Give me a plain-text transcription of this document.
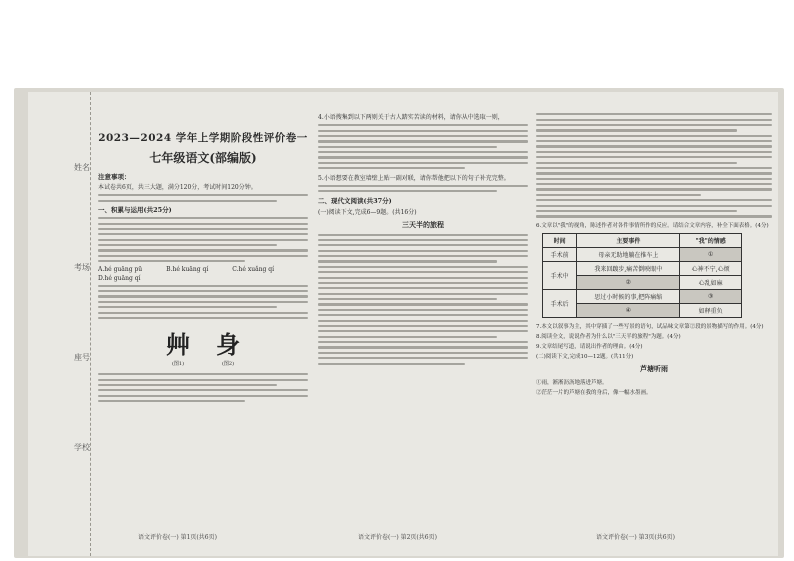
姓名
考场
座号
学校
2023—2024 学年上学期阶段性评价卷一
七年级语文(部编版)
注意事项：
本试卷共6页，共三大题，满分120分，考试时间120分钟。
一、积累与运用(共25分)
A.hé guāng pū	B.hé kuāng qí	C.hé xuǎng qí
D.hé guāng qí
⾋
(图1)
⾝
(图2)
语文评价卷(一) 第1页(共6页)
4.小语搜集到以下两则关于古人踏实苦读的材料，请你从中选取一则，
5.小语想要在教室墙壁上贴一副对联，请你帮他把以下的句子补充完整。
二、现代文阅读(共37分)
(一)阅读下文,完成6—9题。(共16分)
三天半的旅程
语文评价卷(一) 第2页(共6页)
6.文章以"我"的视角，陈述作者对各件事情所作的反应。请结合文章内容，补全下面表格。(4分)
时间	主要事件	"我"的情感
手术前	母亲无助地躺在推车上	①
手术中	我来回踱步,痛苦倒映眼中	心神不宁,心烦
	②	心乱如麻
手术后	思过小时候的事,把阵痛缩	③
	④	如释重负
7.本文以叙事为主，其中穿插了一些写景的语句，试品味文章第②段的景物描写的作用。(4分)
8.阅读全文，说说作者为什么以"三天半的旅程"为题。(4分)
9.文章结尾写道，请说出作者的理由。(4分)
(二)阅读下文,完成10—12题。(共11分)
芦塘听雨
①雨，淅淅沥沥地落进芦塘。
②茫茫一片的芦塘在我的身后，像一幅水墨画。
语文评价卷(一) 第3页(共6页)
